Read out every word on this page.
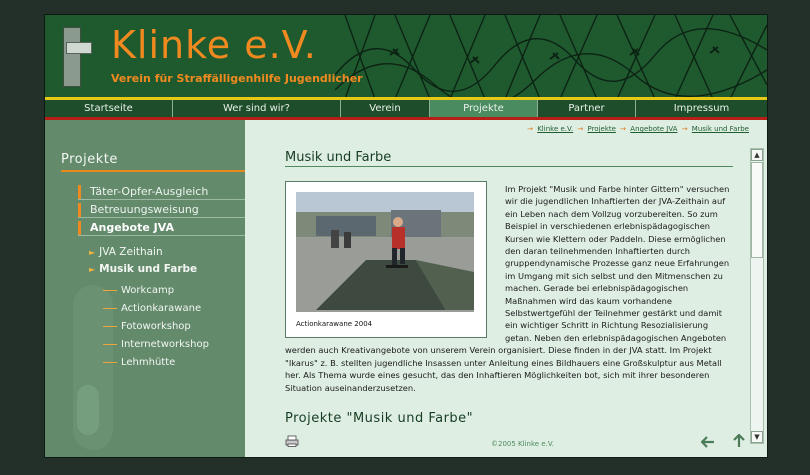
Klinke e.V.
Verein für Straffälligenhilfe Jugendlicher
Startseite	Wer sind wir?	Verein	Projekte	Partner	Impressum
Projekte
Täter-Opfer-Ausgleich
Betreuungsweisung
Angebote JVA
► JVA Zeithain
► Musik und Farbe
Workcamp
Actionkarawane
Fotoworkshop
Internetworkshop
Lehmhütte
→ Klinke e.V. → Projekte → Angebote JVA → Musik und Farbe
Musik und Farbe
Im Projekt "Musik und Farbe hinter Gittern" versuchen wir die jugendlichen Inhaftierten der JVA-Zeithain auf ein Leben nach dem Vollzug vorzubereiten. So zum Beispiel in verschiedenen erlebnispädagogischen Kursen wie Klettern oder Paddeln. Diese ermöglichen den daran teilnehmenden Inhaftierten durch gruppendynamische Prozesse ganz neue Erfahrungen im Umgang mit sich selbst und den Mitmenschen zu machen. Gerade bei erlebnispädagogischen Maßnahmen wird das kaum vorhandene Selbstwertgefühl der Teilnehmer gestärkt und damit ein wichtiger Schritt in Richtung Resozialisierung getan. Neben den erlebnispädagogischen Angeboten werden auch Kreativangebote von unserem Verein organisiert. Diese finden in der JVA statt. Im Projekt "Ikarus" z. B. stellten jugendliche Insassen unter Anleitung eines Bildhauers eine Großskulptur aus Metall her. Als Thema wurde eines gesucht, das den Inhaftieren Möglichkeiten bot, sich mit ihrer besonderen Situation auseinanderzusetzen.
Actionkarawane 2004
Projekte "Musik und Farbe"
©2005 Klinke e.V.
▲
▼
